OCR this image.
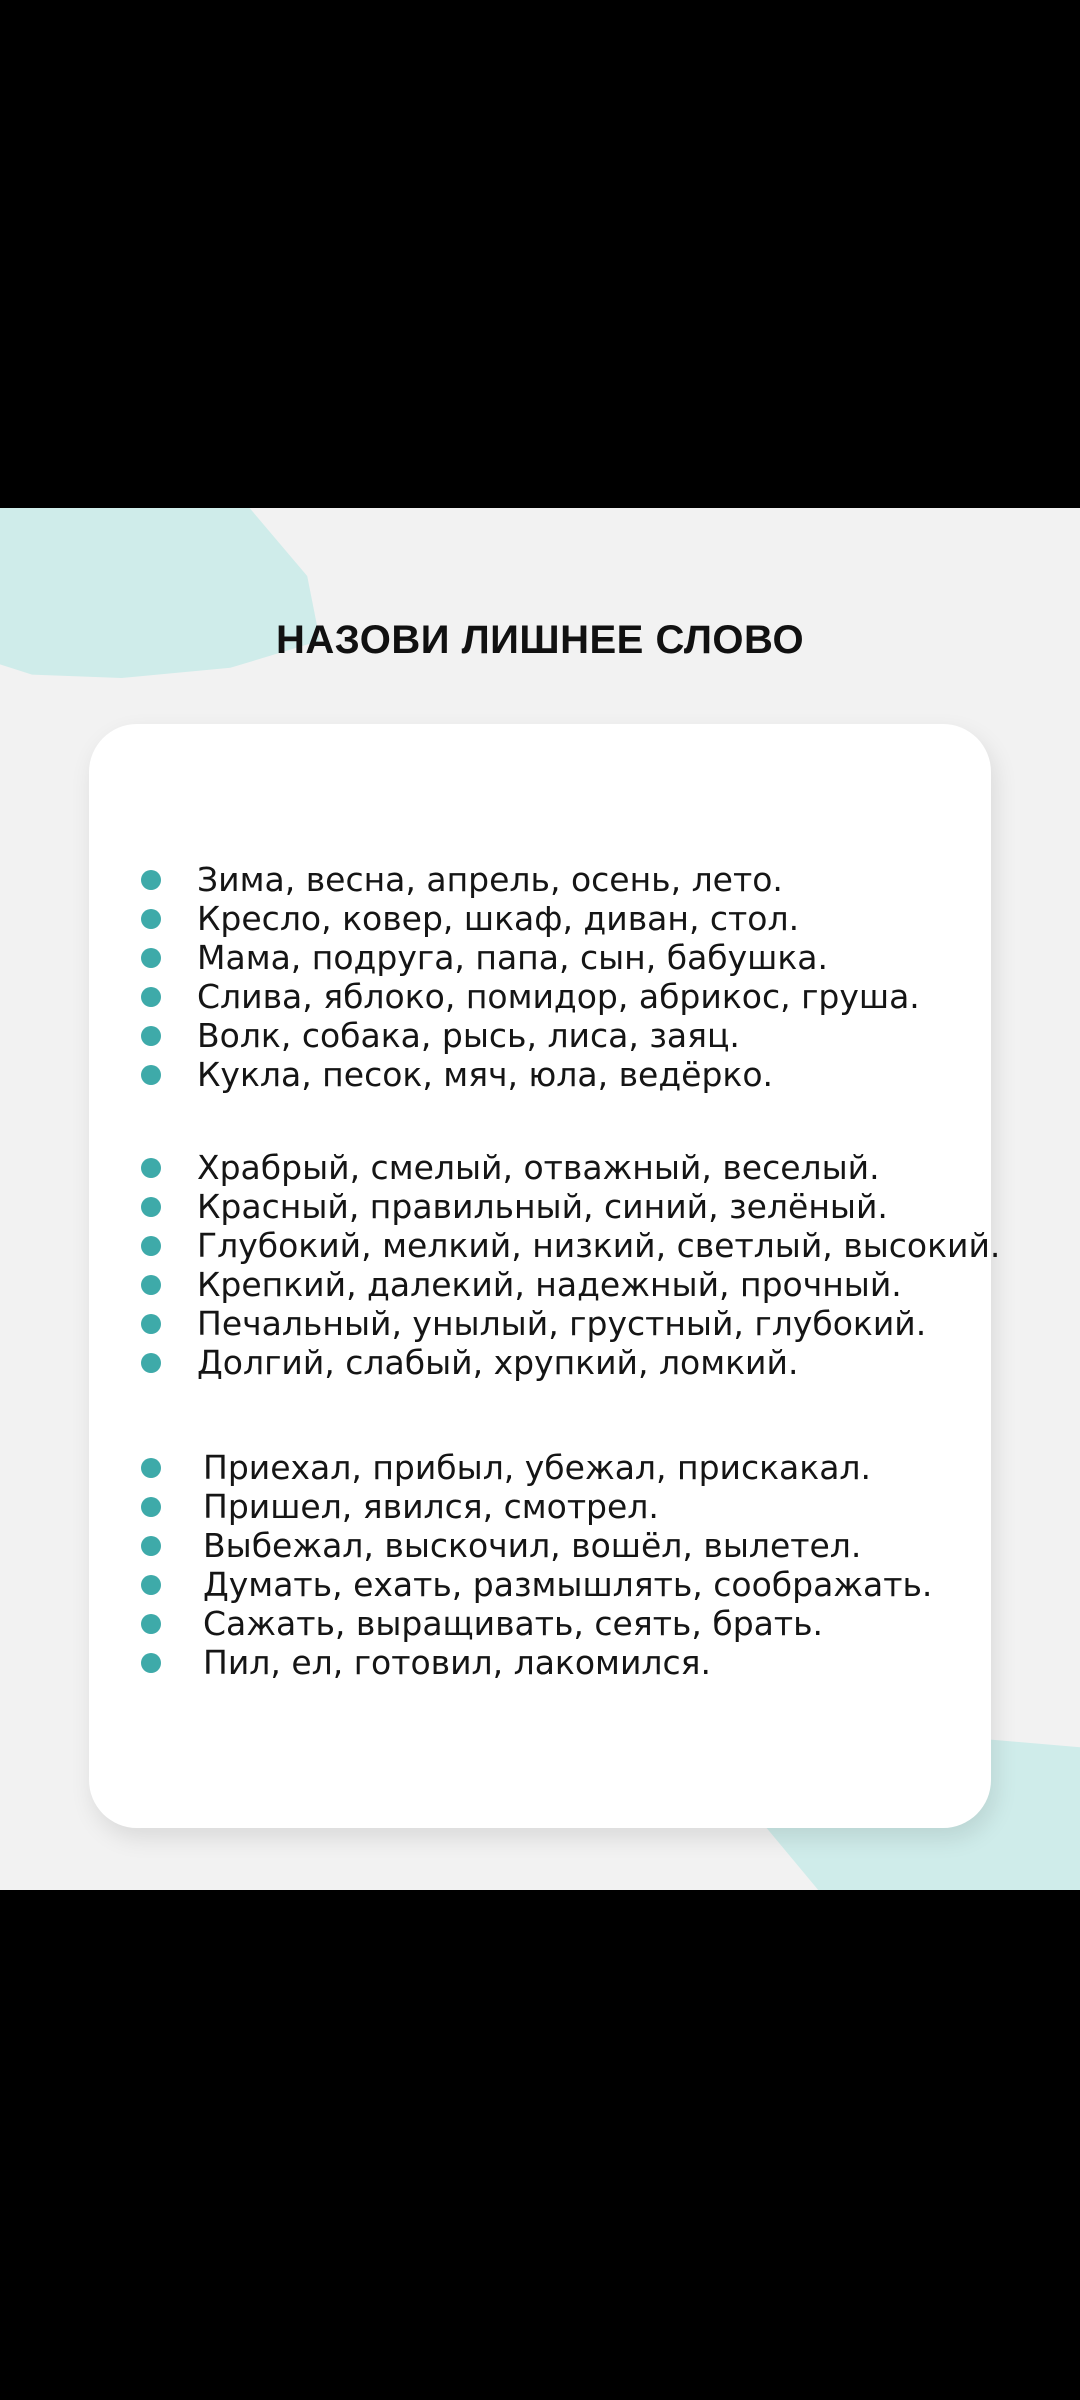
НАЗОВИ ЛИШНЕЕ СЛОВО
Зима, весна, апрель, осень, лето.
Кресло, ковер, шкаф, диван, стол.
Мама, подруга, папа, сын, бабушка.
Слива, яблоко, помидор, абрикос, груша.
Волк, собака, рысь, лиса, заяц.
Кукла, песок, мяч, юла, ведёрко.
Храбрый, смелый, отважный, веселый.
Красный, правильный, синий, зелёный.
Глубокий, мелкий, низкий, светлый, высокий.
Крепкий, далекий, надежный, прочный.
Печальный, унылый, грустный, глубокий.
Долгий, слабый, хрупкий, ломкий.
Приехал, прибыл, убежал, прискакал.
Пришел, явился, смотрел.
Выбежал, выскочил, вошёл, вылетел.
Думать, ехать, размышлять, соображать.
Сажать, выращивать, сеять, брать.
Пил, ел, готовил, лакомился.
